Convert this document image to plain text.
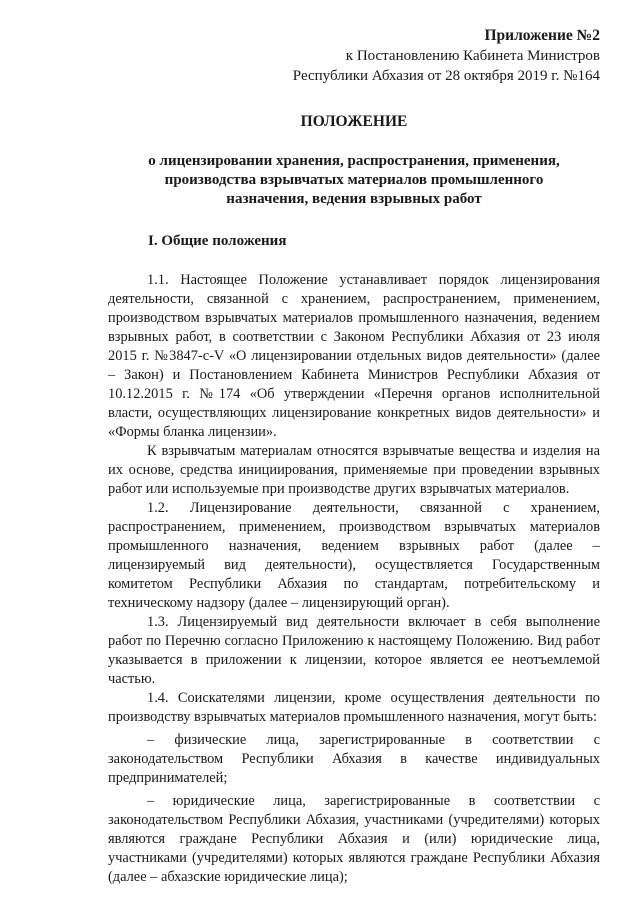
Приложение №2
к Постановлению Кабинета Министров
Республики Абхазия от 28 октября 2019 г. №164
ПОЛОЖЕНИЕ
о лицензировании хранения, распространения, применения,
производства взрывчатых материалов промышленного
назначения, ведения взрывных работ
I. Общие положения

1.1. Настоящее Положение устанавливает порядок лицензирования деятельности, связанной с хранением, распространением, применением, производством взрывчатых материалов промышленного назначения, ведением взрывных работ, в соответствии с Законом Республики Абхазия от 23 июля 2015 г. №3847-с-V «О лицензировании отдельных видов деятельности» (далее – Закон) и Постановлением Кабинета Министров Республики Абхазия от 10.12.2015 г. №174 «Об утверждении «Перечня органов исполнительной власти, осуществляющих лицензирование конкретных видов деятельности» и «Формы бланка лицензии».

К взрывчатым материалам относятся взрывчатые вещества и изделия на их основе, средства инициирования, применяемые при проведении взрывных работ или используемые при производстве других взрывчатых материалов.

1.2. Лицензирование деятельности, связанной с хранением, распространением, применением, производством взрывчатых материалов промышленного назначения, ведением взрывных работ (далее – лицензируемый вид деятельности), осуществляется Государственным комитетом Республики Абхазия по стандартам, потребительскому и техническому надзору (далее – лицензирующий орган).

1.3. Лицензируемый вид деятельности включает в себя выполнение работ по Перечню согласно Приложению к настоящему Положению. Вид работ указывается в приложении к лицензии, которое является ее неотъемлемой частью.

1.4. Соискателями лицензии, кроме осуществления деятельности по производству взрывчатых материалов промышленного назначения, могут быть:

– физические лица, зарегистрированные в соответствии с законодательством Республики Абхазия в качестве индивидуальных предпринимателей;

– юридические лица, зарегистрированные в соответствии с законодательством Республики Абхазия, участниками (учредителями) которых являются граждане Республики Абхазия и (или) юридические лица, участниками (учредителями) которых являются граждане Республики Абхазия (далее – абхазские юридические лица);
